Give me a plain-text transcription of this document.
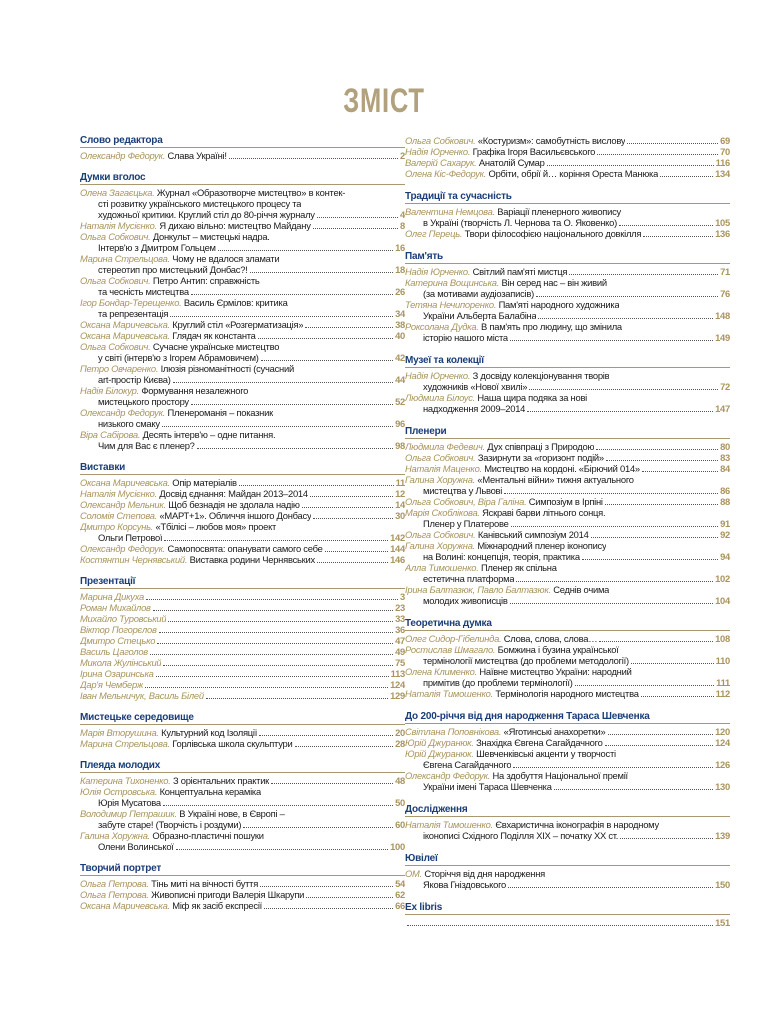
ЗМІСТ
Слово редактора
Олександр Федорук. Слава Україні!	2
Думки вголос
Олена Загаєцька. Журнал «Образотворче мистецтво» в контек-
сті розвитку українського мистецького процесу та
художньої критики. Круглий стіл до 80-річчя журналу	4
Наталія Мусієнко. Я дихаю вільно: мистецтво Майдану	8
Ольга Собкович. Донкульт – мистецькі надра.
Інтерв'ю з Дмитром Гольцем	16
Марина Стрельцова. Чому не вдалося зламати
стереотип про мистецький Донбас?!	18
Ольга Собкович. Петро Антип: справжність
та чесність мистецтва	26
Ігор Бондар-Терещенко. Василь Єрмілов: критика
та репрезентація	34
Оксана Маричевська. Круглий стіл «Розгерматизація»	38
Оксана Маричевська. Глядач як константа	40
Ольга Собкович. Сучасне українське мистецтво
у світі (інтерв'ю з Ігорем Абрамовичем)	42
Петро Овчаренко. Ілюзія різноманітності (сучасний
art-простір Києва)	44
Надія Білокур. Формування незалежного
мистецького простору	52
Олександр Федорук. Пленероманія – показник
низького смаку	96
Віра Сабірова. Десять інтерв'ю – одне питання.
Чим для Вас є пленер?	98
Виставки
Оксана Маричевська. Опір матеріалів	11
Наталія Мусієнко. Досвід єднання: Майдан 2013–2014	12
Олександр Мельник. Щоб безнадія не здолала надію	14
Соломія Степова. «МАРТ+1». Обличчя іншого Донбасу	30
Дмитро Корсунь. «Тбілісі – любов моя» проект
Ольги Петрової	142
Олександр Федорук. Самопосвята: опанувати самого себе	144
Костянтин Чернявський. Виставка родини Чернявських	146
Презентації
Марина Дикуха	3
Роман Михайлов	23
Михайло Туровський	33
Віктор Погорєлов	36
Дмитро Стецько	47
Василь Цаголов	49
Микола Жулінський	75
Ірина Озаринська	113
Дар'я Чемберж	124
Іван Мельничук, Василь Білей	129
Мистецьке середовище
Марія Вторушина. Культурний код Ізоляції	20
Марина Стрельцова. Горлівська школа скульптури	28
Плеяда молодих
Катерина Тихоненко. З орієнтальних практик	48
Юлія Островська. Концептуальна кераміка
Юрія Мусатова	50
Володимир Петрашик. В Україні нове, в Європі –
забуте старе! (Творчість і роздуми)	60
Галина Хоружна. Образно-пластичні пошуки
Олени Волинської	100
Творчий портрет
Ольга Петрова. Тінь миті на вічності буття	54
Ольга Петрова. Живописні пригоди Валерія Шкарупи	62
Оксана Маричевська. Міф як засіб експресії	66
Ольга Собкович. «Костуризм»: самобутність вислову	69
Надія Юрченко. Графіка Ігоря Васильєвського	70
Валерій Сахарук. Анатолій Сумар	116
Олена Кіс-Федорук. Орбіти, обрії й… коріння Ореста Манюка	134
Традиції та сучасність
Валентина Немцова. Варіації пленерного живопису
в Україні (творчість Л. Чернова та О. Яковенко)	105
Олег Перець. Твори філософією національного довкілля	136
Пам'ять
Надія Юрченко. Світлий пам'яті мистця	71
Катерина Вощинська. Він серед нас – він живий
(за мотивами аудіозаписів)	76
Тетяна Нечипоренко. Пам'яті народного художника
України Альберта Балабіна	148
Роксолана Дудка. В пам'ять про людину, що змінила
історію нашого міста	149
Музеї та колекції
Надія Юрченко. З досвіду колекціонування творів
художників «Нової хвилі»	72
Людмила Білоус. Наша щира подяка за нові
надходження 2009–2014	147
Пленери
Людмила Федевич. Дух співпраці з Природою	80
Ольга Собкович. Зазирнути за «горизонт подій»	83
Наталія Маценко. Мистецтво на кордоні. «Бірючий 014»	84
Галина Хоружна. «Ментальні війни» тижня актуального
мистецтва у Львові	86
Ольга Собкович, Віра Галіна. Симпозіум в Ірпіні	88
Марія Скоблікова. Яскраві барви літнього сонця.
Пленер у Платерове	91
Ольга Собкович. Канівський симпозіум 2014	92
Галина Хоружна. Міжнародний пленер іконопису
на Волині: концепція, теорія, практика	94
Алла Тимошенко. Пленер як спільна
естетична платформа	102
Ірина Балтазюк, Павло Балтазюк. Седнів очима
молодих живописців	104
Теоретична думка
Олег Сидор-Гібелинда. Слова, слова, слова…	108
Ростислав Шмагало. Бомжина і бузина української
термінології мистецтва (до проблеми методології)	110
Олена Клименко. Наївне мистецтво України: народний
примітив (до проблеми термінології)	111
Наталія Тимошенко. Термінологія народного мистецтва	112
До 200-річчя від дня народження Тараса Шевченка
Світлана Поповнікова. «Яготинські анахоретки»	120
Юрій Джуранюк. Знахідка Євгена Сагайдачного	124
Юрій Джуранюк. Шевченківські акценти у творчості
Євгена Сагайдачного	126
Олександр Федорук. На здобуття Національної премії
України імені Тараса Шевченка	130
Дослідження
Наталія Тимошенко. Євхаристична іконографія в народному
іконописі Східного Поділля XIX – початку XX ст.	139
Ювілеї
ОМ. Сторіччя від дня народження
Якова Гніздовського	150
Ex libris
151
